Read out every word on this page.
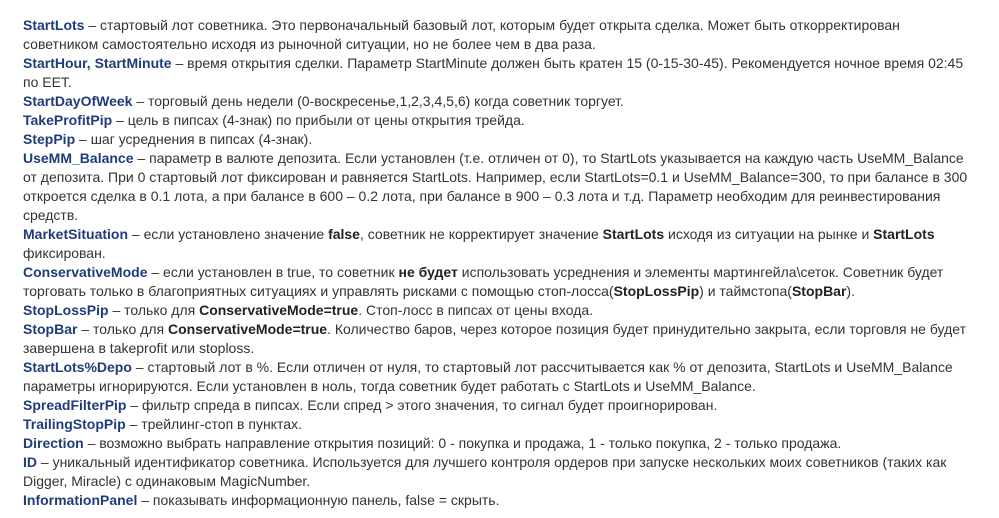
StartLots – стартовый лот советника. Это первоначальный базовый лот, которым будет открыта сделка. Может быть откорректирован советником самостоятельно исходя из рыночной ситуации, но не более чем в два раза.
StartHour, StartMinute – время открытия сделки. Параметр StartMinute должен быть кратен 15 (0-15-30-45). Рекомендуется ночное время 02:45 по EET.
StartDayOfWeek – торговый день недели (0-воскресенье,1,2,3,4,5,6) когда советник торгует.
TakeProfitPip – цель в пипсах (4-знак) по прибыли от цены открытия трейда.
StepPip – шаг усреднения в пипсах (4-знак).
UseMM_Balance – параметр в валюте депозита. Если установлен (т.е. отличен от 0), то StartLots указывается на каждую часть UseMM_Balance от депозита. При 0 стартовый лот фиксирован и равняется StartLots. Например, если StartLots=0.1 и UseMM_Balance=300, то при балансе в 300 откроется сделка в 0.1 лота, а при балансе в 600 – 0.2 лота, при балансе в 900 – 0.3 лота и т.д. Параметр необходим для реинвестирования средств.
MarketSituation – если установлено значение false, советник не корректирует значение StartLots исходя из ситуации на рынке и StartLots фиксирован.
ConservativeMode – если установлен в true, то советник не будет использовать усреднения и элементы мартингейла\сеток. Советник будет торговать только в благоприятных ситуациях и управлять рисками с помощью стоп-лосса(StopLossPip) и таймстопа(StopBar).
StopLossPip – только для ConservativeMode=true. Стоп-лосс в пипсах от цены входа.
StopBar – только для ConservativeMode=true. Количество баров, через которое позиция будет принудительно закрыта, если торговля не будет завершена в takeprofit или stoploss.
StartLots%Depo – стартовый лот в %. Если отличен от нуля, то стартовый лот рассчитывается как % от депозита, StartLots и UseMM_Balance параметры игнорируются. Если установлен в ноль, тогда советник будет работать с StartLots и UseMM_Balance.
SpreadFilterPip – фильтр спреда в пипсах. Если спред > этого значения, то сигнал будет проигнорирован.
TrailingStopPip – трейлинг-стоп в пунктах.
Direction – возможно выбрать направление открытия позиций: 0 - покупка и продажа, 1 - только покупка, 2 - только продажа.
ID – уникальный идентификатор советника. Используется для лучшего контроля ордеров при запуске нескольких моих советников (таких как Digger, Miracle) с одинаковым MagicNumber.
InformationPanel – показывать информационную панель, false = скрыть.
